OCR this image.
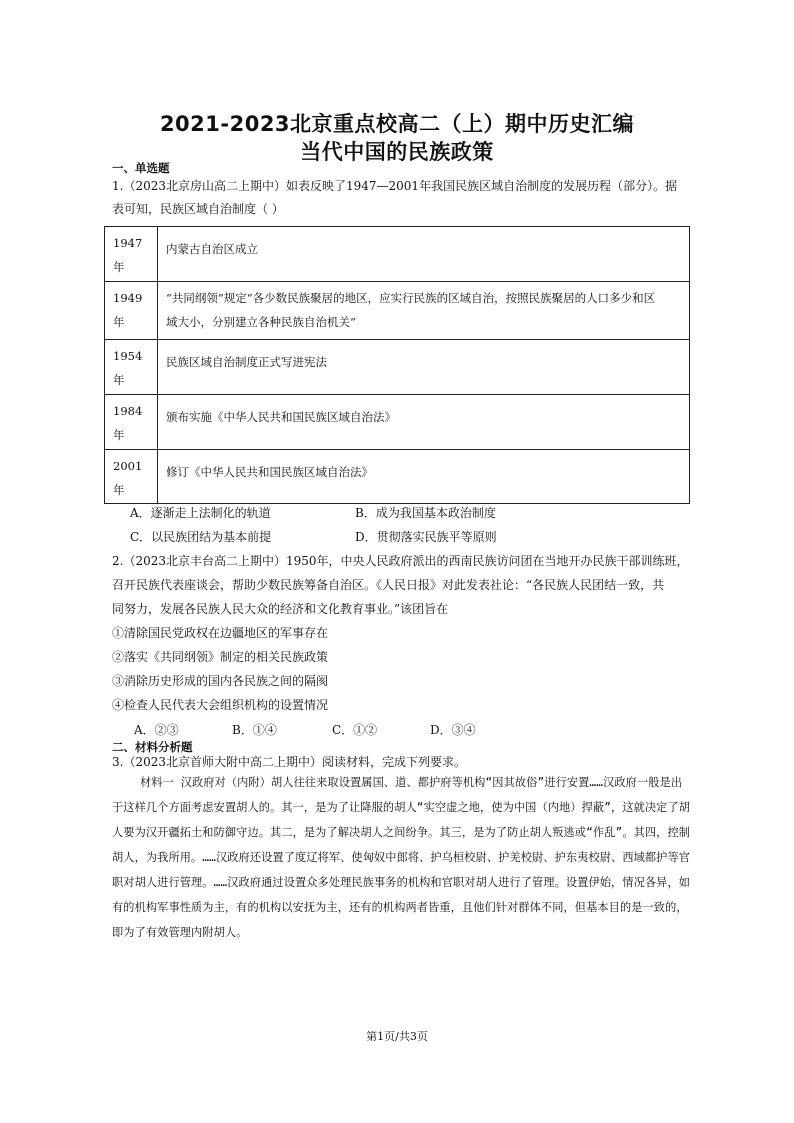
2021-2023北京重点校高二（上）期中历史汇编
当代中国的民族政策
一、单选题
1.（2023北京房山高二上期中）如表反映了1947—2001年我国民族区域自治制度的发展历程（部分）。据
表可知，民族区域自治制度（ ）
1947
年	内蒙古自治区成立
1949
年	“共同纲领”规定“各少数民族聚居的地区，应实行民族的区域自治，按照民族聚居的人口多少和区
域大小，分别建立各种民族自治机关”
1954
年	民族区域自治制度正式写进宪法
1984
年	颁布实施《中华人民共和国民族区域自治法》
2001
年	修订《中华人民共和国民族区域自治法》
A．逐渐走上法制化的轨道	B．成为我国基本政治制度
C．以民族团结为基本前提	D．贯彻落实民族平等原则
2.（2023北京丰台高二上期中）1950年，中央人民政府派出的西南民族访问团在当地开办民族干部训练班，
召开民族代表座谈会，帮助少数民族筹备自治区。《人民日报》对此发表社论：“各民族人民团结一致，共
同努力，发展各民族人民大众的经济和文化教育事业。”该团旨在
①清除国民党政权在边疆地区的军事存在
②落实《共同纲领》制定的相关民族政策
③消除历史形成的国内各民族之间的隔阂
④检查人民代表大会组织机构的设置情况
A．②③	B．①④	C．①②	D．③④
二、材料分析题
3.（2023北京首师大附中高二上期中）阅读材料，完成下列要求。
材料一 汉政府对（内附）胡人往往来取设置属国、道、都护府等机构“因其故俗”进行安置……汉政府一般是出于这样几个方面考虑安置胡人的。其一，是为了让降服的胡人“实空虚之地，使为中国（内地）捍蔽”，这就决定了胡人要为汉开疆拓土和防御守边。其二，是为了解决胡人之间纷争。其三，是为了防止胡人叛逃或“作乱”。其四，控制胡人，为我所用。……汉政府还设置了度辽将军、使匈奴中郎将、护乌桓校尉、护羌校尉、护东夷校尉、西域都护等官职对胡人进行管理。……汉政府通过设置众多处理民族事务的机构和官职对胡人进行了管理。设置伊始，情况各异，如有的机构军事性质为主，有的机构以安抚为主，还有的机构两者皆重，且他们针对群体不同，但基本目的是一致的，即为了有效管理内附胡人。
第1页/共3页
